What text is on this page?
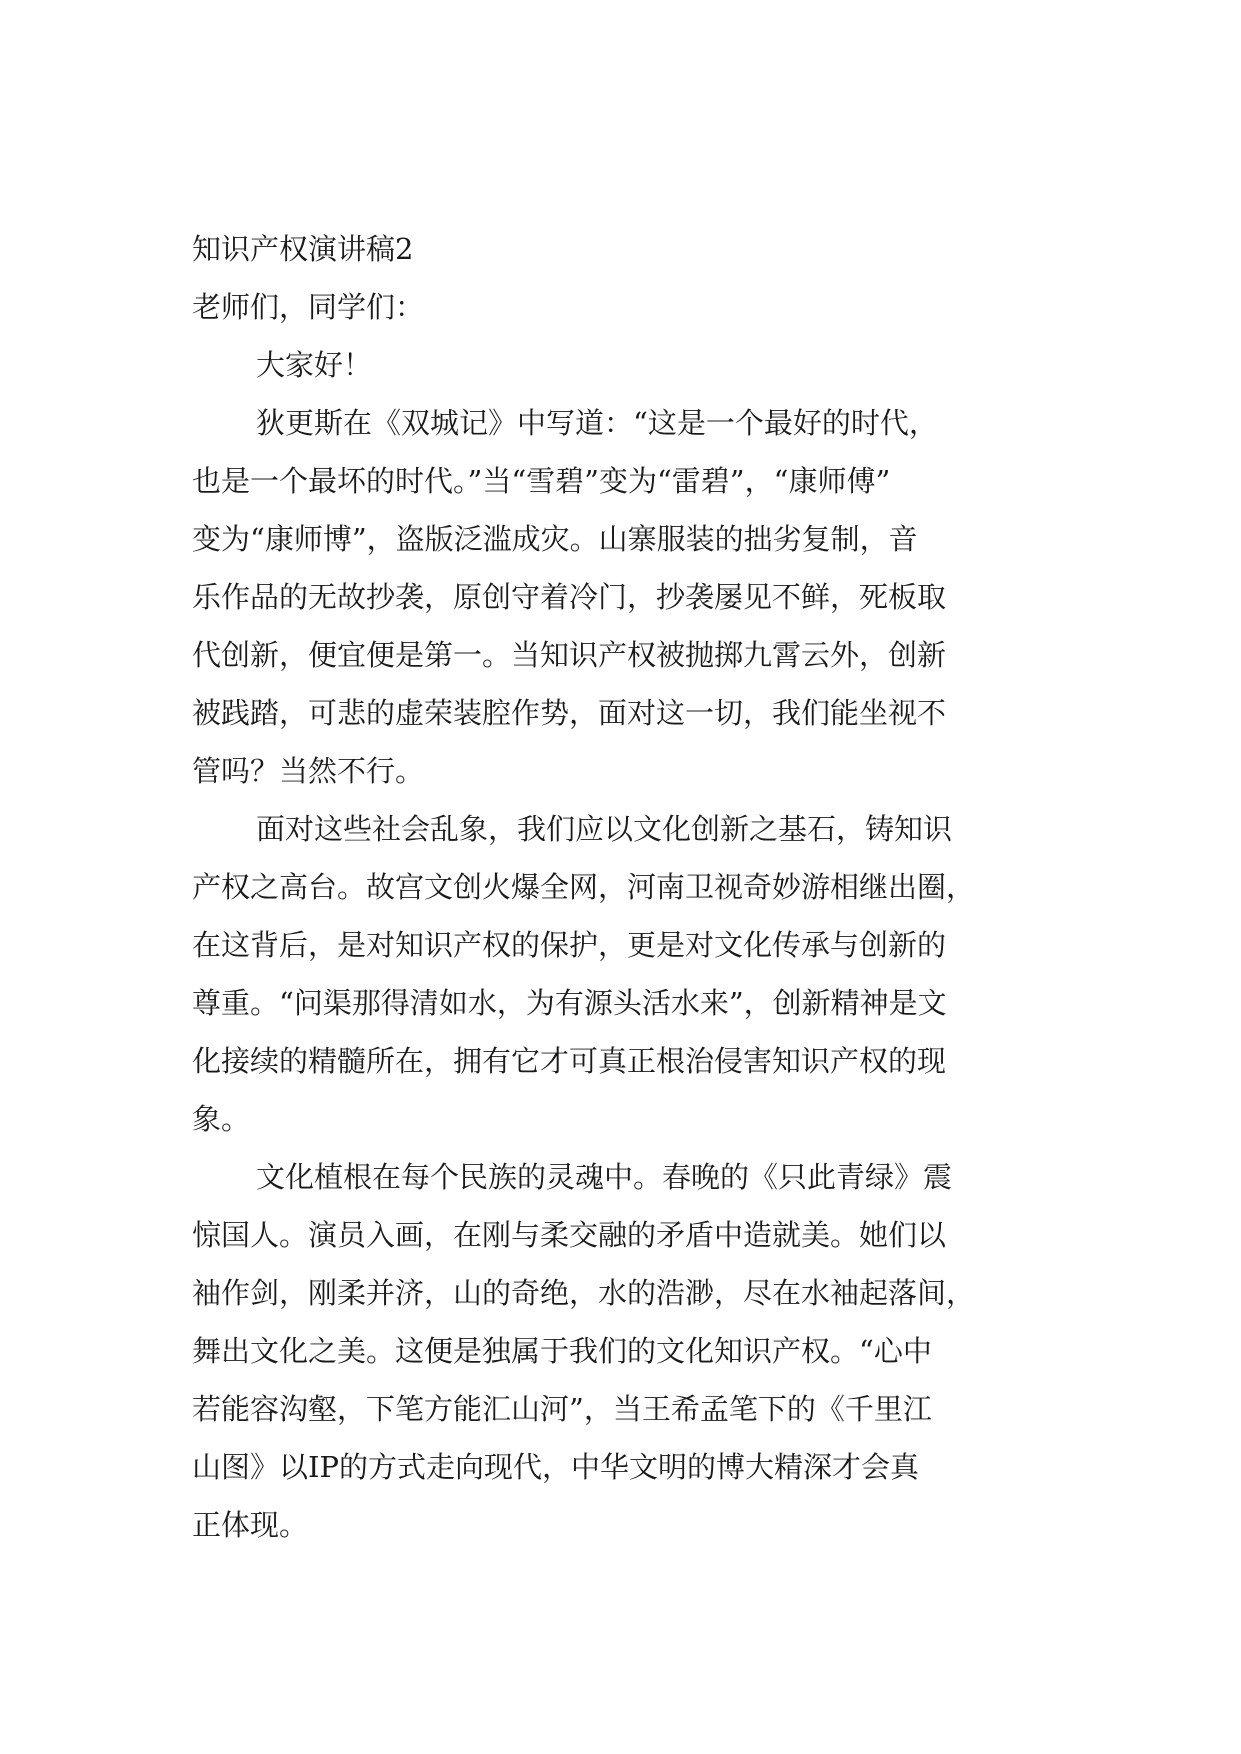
知识产权演讲稿2
老师们，同学们：
大家好！
狄更斯在《双城记》中写道：“这是一个最好的时代，
也是一个最坏的时代。”当“雪碧”变为“雷碧”，“康师傅”
变为“康师博”，盗版泛滥成灾。山寨服装的拙劣复制，音
乐作品的无故抄袭，原创守着冷门，抄袭屡见不鲜，死板取
代创新，便宜便是第一。当知识产权被抛掷九霄云外，创新
被践踏，可悲的虚荣装腔作势，面对这一切，我们能坐视不
管吗？当然不行。
面对这些社会乱象，我们应以文化创新之基石，铸知识
产权之高台。故宫文创火爆全网，河南卫视奇妙游相继出圈，
在这背后，是对知识产权的保护，更是对文化传承与创新的
尊重。“问渠那得清如水，为有源头活水来”，创新精神是文
化接续的精髓所在，拥有它才可真正根治侵害知识产权的现
象。
文化植根在每个民族的灵魂中。春晚的《只此青绿》震
惊国人。演员入画，在刚与柔交融的矛盾中造就美。她们以
袖作剑，刚柔并济，山的奇绝，水的浩渺，尽在水袖起落间，
舞出文化之美。这便是独属于我们的文化知识产权。“心中
若能容沟壑，下笔方能汇山河”，当王希孟笔下的《千里江
山图》以IP的方式走向现代，中华文明的博大精深才会真
正体现。
